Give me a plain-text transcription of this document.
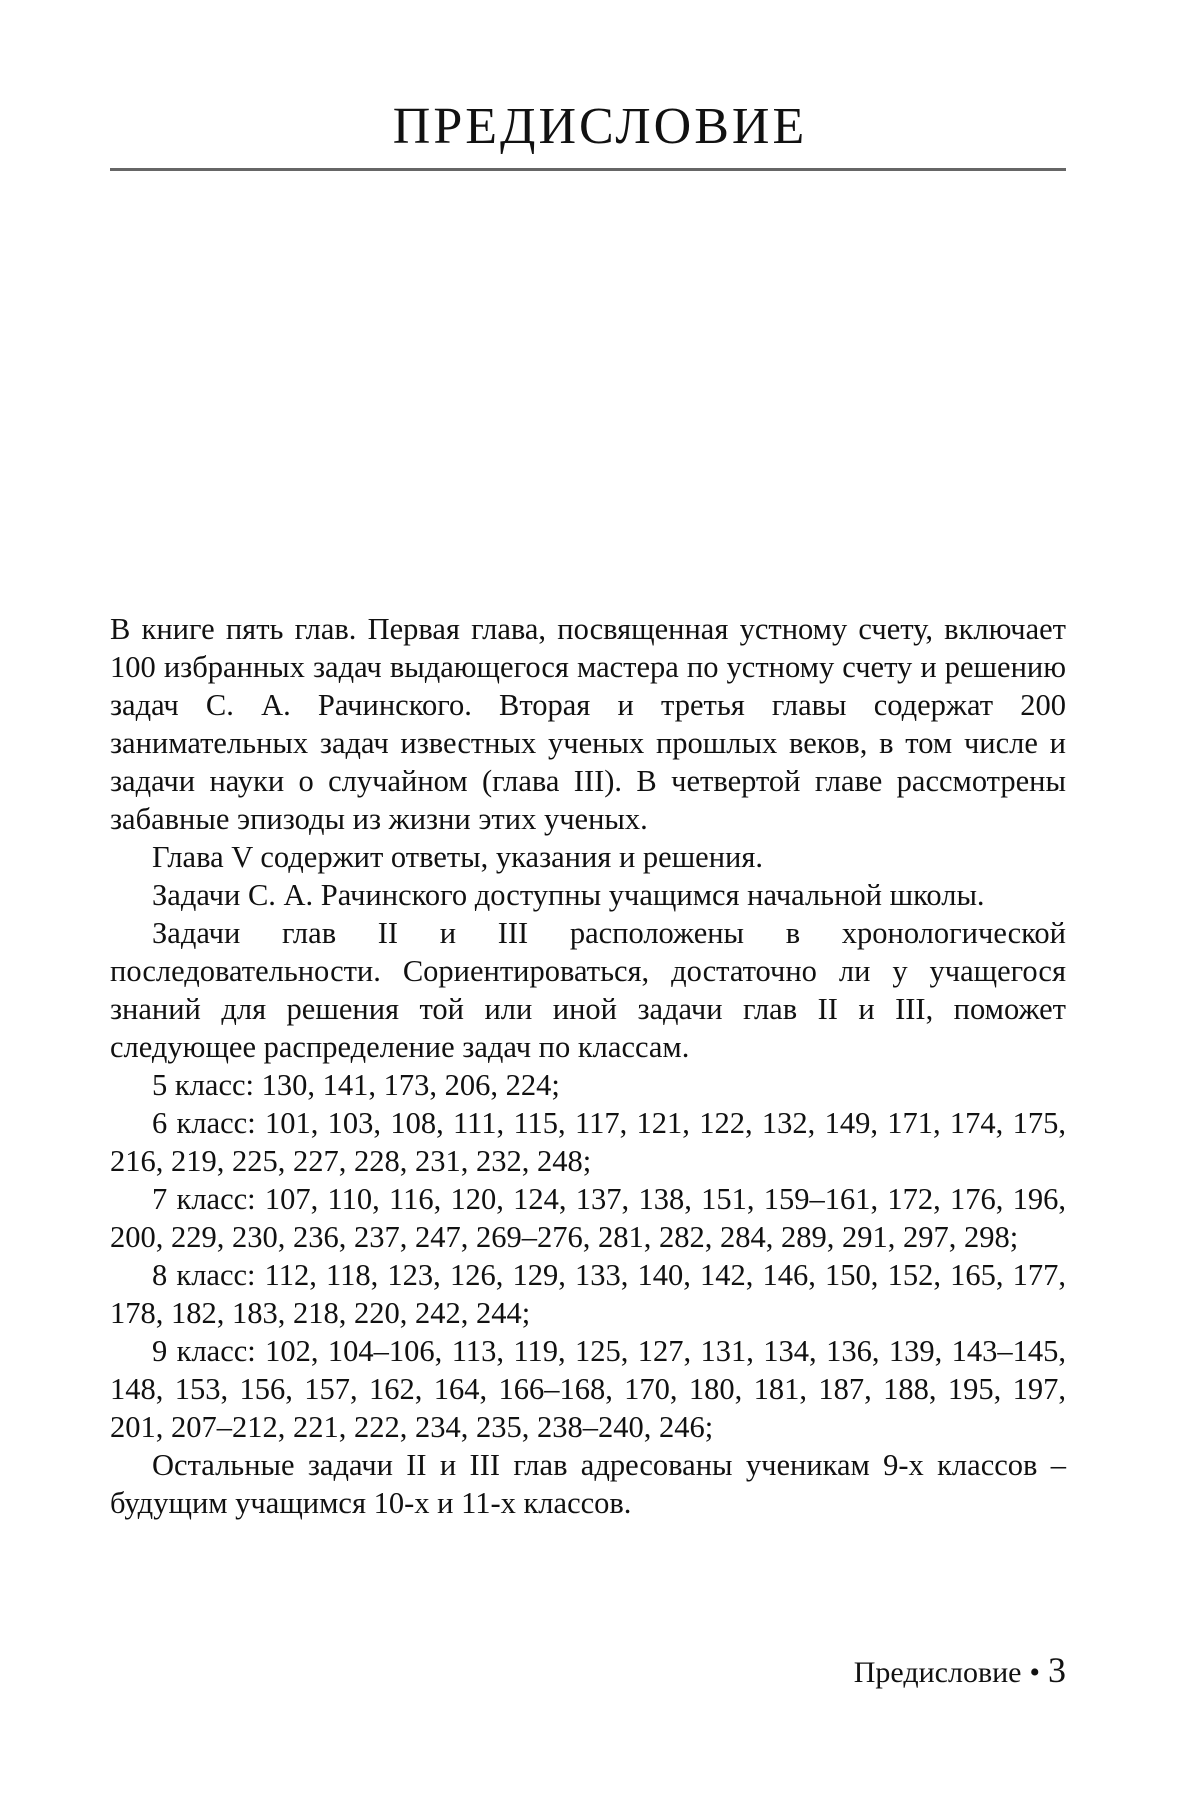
ПРЕДИСЛОВИЕ

В книге пять глав. Первая глава, посвященная устному счету, включает 100 избранных задач выдающегося мастера по устному счету и решению задач С. А. Рачинского. Вторая и третья главы содержат 200 занимательных задач известных ученых прошлых веков, в том числе и задачи науки о случайном (глава III). В четвертой главе рассмотрены забавные эпизоды из жизни этих ученых.

Глава V содержит ответы, указания и решения.

Задачи С. А. Рачинского доступны учащимся начальной школы.

Задачи глав II и III расположены в хронологической последовательности. Сориентироваться, достаточно ли у учащегося знаний для решения той или иной задачи глав II и III, поможет следующее распределение задач по классам.

5 класс: 130, 141, 173, 206, 224;

6 класс: 101, 103, 108, 111, 115, 117, 121, 122, 132, 149, 171, 174, 175, 216, 219, 225, 227, 228, 231, 232, 248;

7 класс: 107, 110, 116, 120, 124, 137, 138, 151, 159–161, 172, 176, 196, 200, 229, 230, 236, 237, 247, 269–276, 281, 282, 284, 289, 291, 297, 298;

8 класс: 112, 118, 123, 126, 129, 133, 140, 142, 146, 150, 152, 165, 177, 178, 182, 183, 218, 220, 242, 244;

9 класс: 102, 104–106, 113, 119, 125, 127, 131, 134, 136, 139, 143–145, 148, 153, 156, 157, 162, 164, 166–168, 170, 180, 181, 187, 188, 195, 197, 201, 207–212, 221, 222, 234, 235, 238–240, 246;

Остальные задачи II и III глав адресованы ученикам 9-х классов – будущим учащимся 10-х и 11-х классов.

Предисловие • 3
